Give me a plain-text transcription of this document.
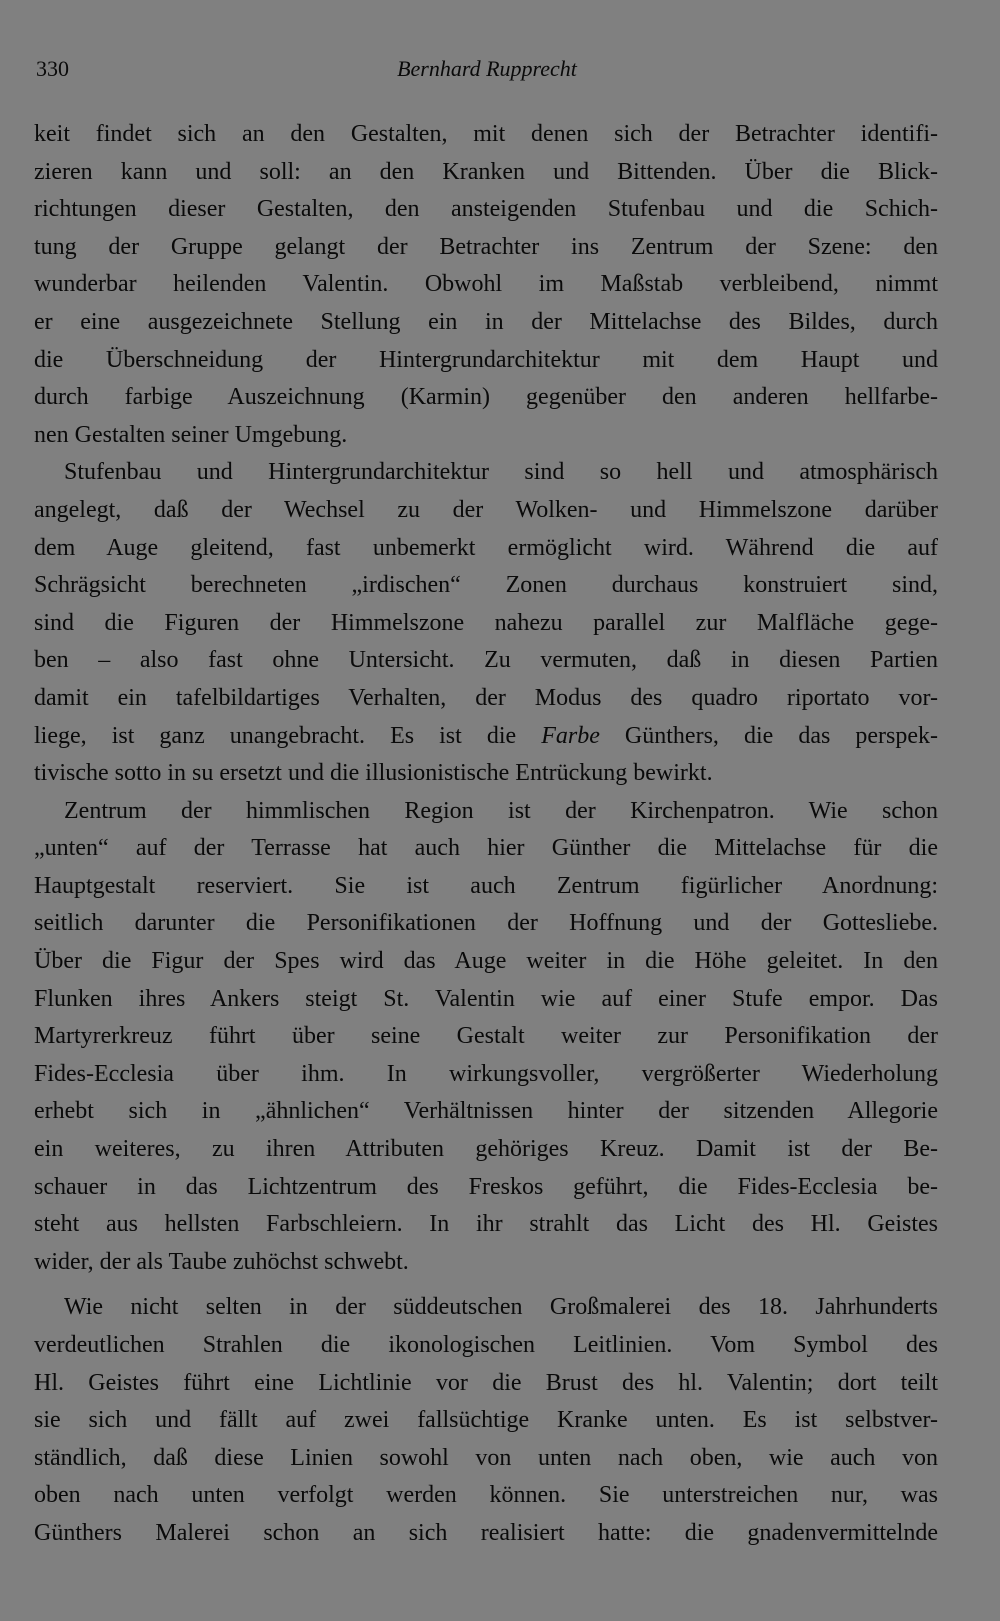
330	Bernhard Rupprecht
keit findet sich an den Gestalten, mit denen sich der Betrachter identifi-
zieren kann und soll: an den Kranken und Bittenden. Über die Blick-
richtungen dieser Gestalten, den ansteigenden Stufenbau und die Schich-
tung der Gruppe gelangt der Betrachter ins Zentrum der Szene: den
wunderbar heilenden Valentin. Obwohl im Maßstab verbleibend, nimmt
er eine ausgezeichnete Stellung ein in der Mittelachse des Bildes, durch
die Überschneidung der Hintergrundarchitektur mit dem Haupt und
durch farbige Auszeichnung (Karmin) gegenüber den anderen hellfarbe-
nen Gestalten seiner Umgebung.
Stufenbau und Hintergrundarchitektur sind so hell und atmosphärisch
angelegt, daß der Wechsel zu der Wolken- und Himmelszone darüber
dem Auge gleitend, fast unbemerkt ermöglicht wird. Während die auf
Schrägsicht berechneten „irdischen“ Zonen durchaus konstruiert sind,
sind die Figuren der Himmelszone nahezu parallel zur Malfläche gege-
ben – also fast ohne Untersicht. Zu vermuten, daß in diesen Partien
damit ein tafelbildartiges Verhalten, der Modus des quadro riportato vor-
liege, ist ganz unangebracht. Es ist die Farbe Günthers, die das perspek-
tivische sotto in su ersetzt und die illusionistische Entrückung bewirkt.
Zentrum der himmlischen Region ist der Kirchenpatron. Wie schon
„unten“ auf der Terrasse hat auch hier Günther die Mittelachse für die
Hauptgestalt reserviert. Sie ist auch Zentrum figürlicher Anordnung:
seitlich darunter die Personifikationen der Hoffnung und der Gottesliebe.
Über die Figur der Spes wird das Auge weiter in die Höhe geleitet. In den
Flunken ihres Ankers steigt St. Valentin wie auf einer Stufe empor. Das
Martyrerkreuz führt über seine Gestalt weiter zur Personifikation der
Fides-Ecclesia über ihm. In wirkungsvoller, vergrößerter Wiederholung
erhebt sich in „ähnlichen“ Verhältnissen hinter der sitzenden Allegorie
ein weiteres, zu ihren Attributen gehöriges Kreuz. Damit ist der Be-
schauer in das Lichtzentrum des Freskos geführt, die Fides-Ecclesia be-
steht aus hellsten Farbschleiern. In ihr strahlt das Licht des Hl. Geistes
wider, der als Taube zuhöchst schwebt.
Wie nicht selten in der süddeutschen Großmalerei des 18. Jahrhunderts
verdeutlichen Strahlen die ikonologischen Leitlinien. Vom Symbol des
Hl. Geistes führt eine Lichtlinie vor die Brust des hl. Valentin; dort teilt
sie sich und fällt auf zwei fallsüchtige Kranke unten. Es ist selbstver-
ständlich, daß diese Linien sowohl von unten nach oben, wie auch von
oben nach unten verfolgt werden können. Sie unterstreichen nur, was
Günthers Malerei schon an sich realisiert hatte: die gnadenvermittelnde
